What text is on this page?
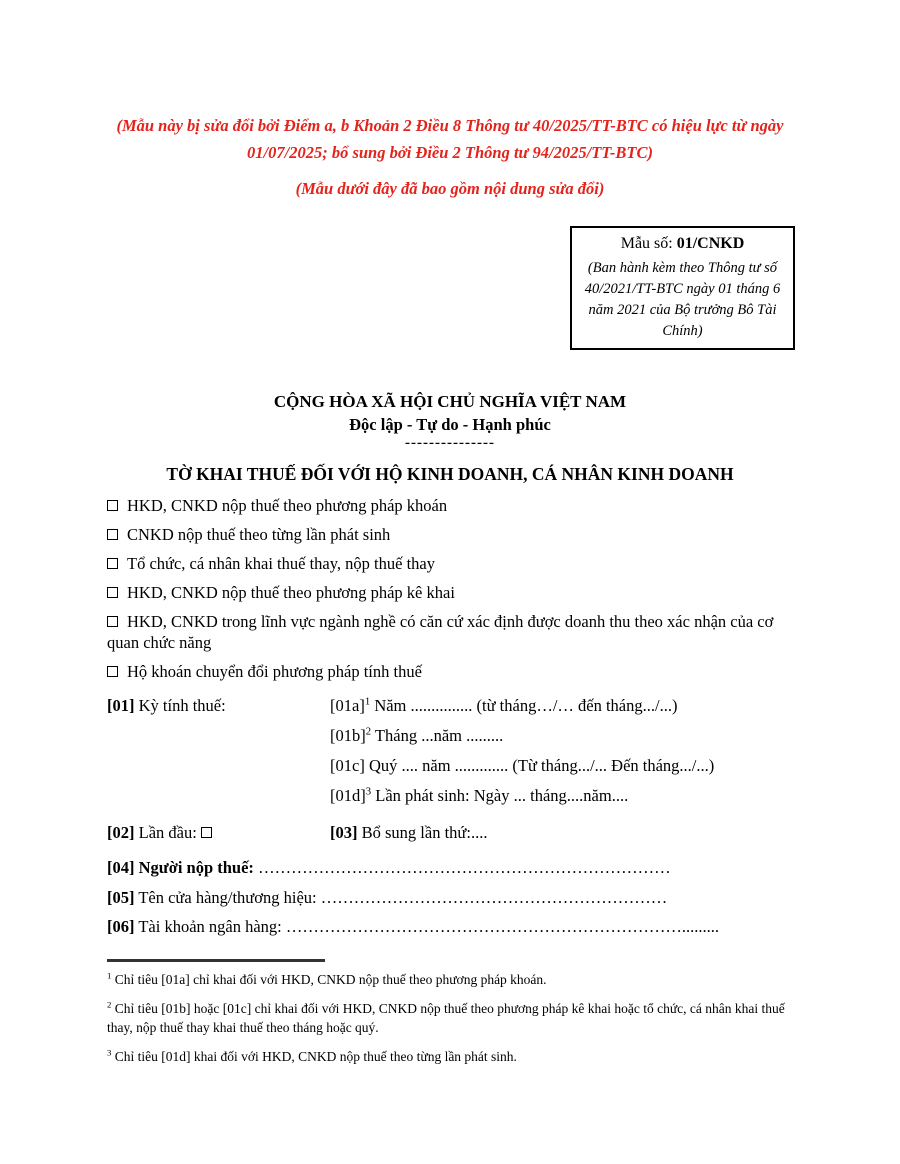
(Mẫu này bị sửa đổi bởi Điểm a, b Khoản 2 Điều 8 Thông tư 40/2025/TT-BTC có hiệu lực từ ngày 01/07/2025; bổ sung bởi Điều 2 Thông tư 94/2025/TT-BTC)

(Mẫu dưới đây đã bao gồm nội dung sửa đổi)

Mẫu số: 01/CNKD
(Ban hành kèm theo Thông tư số 40/2021/TT-BTC ngày 01 tháng 6 năm 2021 của Bộ trưởng Bô Tài Chính)
CỘNG HÒA XÃ HỘI CHỦ NGHĨA VIỆT NAM
Độc lập - Tự do - Hạnh phúc
---------------
TỜ KHAI THUẾ ĐỐI VỚI HỘ KINH DOANH, CÁ NHÂN KINH DOANH
HKD, CNKD nộp thuế theo phương pháp khoán
CNKD nộp thuế theo từng lần phát sinh
Tổ chức, cá nhân khai thuế thay, nộp thuế thay
HKD, CNKD nộp thuế theo phương pháp kê khai
HKD, CNKD trong lĩnh vực ngành nghề có căn cứ xác định được doanh thu theo xác nhận của cơ quan chức năng
Hộ khoán chuyển đổi phương pháp tính thuế
[01] Kỳ tính thuế:	$[01a]^1$ Năm ............... (từ tháng…/… đến tháng.../...)
$[01b]^2$ Tháng ...năm .........
[01c] Quý .... năm ............. (Từ tháng.../... Đến tháng.../...)
$[01d]^3$ Lần phát sinh: Ngày ... tháng....năm....
[02] Lần đầu:	[03] Bổ sung lần thứ:....
[04] Người nộp thuế: …………………………………………………………………
[05] Tên cửa hàng/thương hiệu: ………………………………………………………
[06] Tài khoản ngân hàng: ……………………………………………………………….........
$^1$ Chỉ tiêu [01a] chỉ khai đối với HKD, CNKD nộp thuế theo phương pháp khoán.
$^2$ Chỉ tiêu [01b] hoặc [01c] chỉ khai đối với HKD, CNKD nộp thuế theo phương pháp kê khai hoặc tổ chức, cá nhân khai thuế thay, nộp thuế thay khai thuế theo tháng hoặc quý.
$^3$ Chỉ tiêu [01d] khai đối với HKD, CNKD nộp thuế theo từng lần phát sinh.
